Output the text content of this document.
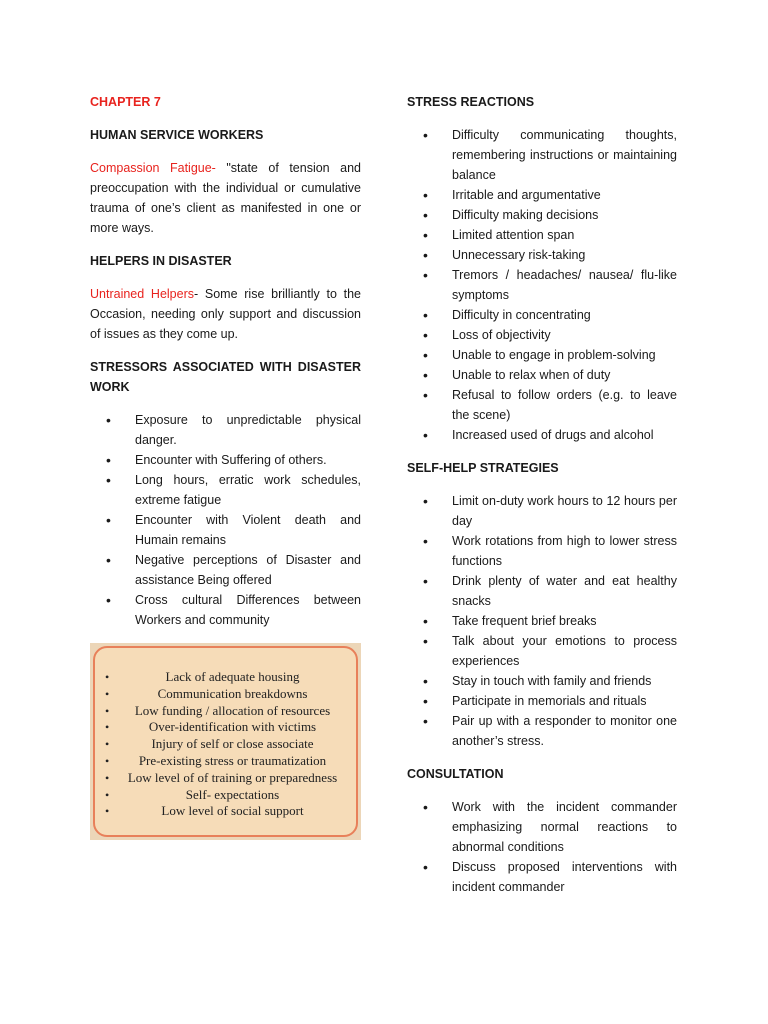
CHAPTER 7
HUMAN SERVICE WORKERS

Compassion Fatigue- "state of tension and preoccupation with the individual or cumulative trauma of one’s client as manifested in one or more ways.

HELPERS IN DISASTER

Untrained Helpers- Some rise brilliantly to the Occasion, needing only support and discussion of issues as they come up.

STRESSORS ASSOCIATED WITH DISASTER WORK
• Exposure to unpredictable physical danger.
• Encounter with Suffering of others.
• Long hours, erratic work schedules, extreme fatigue
• Encounter with Violent death and Humain remains
• Negative perceptions of Disaster and assistance Being offered
• Cross cultural Differences between Workers and community
• Lack of adequate housing
• Communication breakdowns
• Low funding / allocation of resources
• Over-identification with victims
• Injury of self or close associate
• Pre-existing stress or traumatization
• Low level of of training or preparedness
• Self- expectations
• Low level of social support
STRESS REACTIONS
• Difficulty communicating thoughts, remembering instructions or maintaining balance
• Irritable and argumentative
• Difficulty making decisions
• Limited attention span
• Unnecessary risk-taking
• Tremors / headaches/ nausea/ flu-like symptoms
• Difficulty in concentrating
• Loss of objectivity
• Unable to engage in problem-solving
• Unable to relax when of duty
• Refusal to follow orders (e.g. to leave the scene)
• Increased used of drugs and alcohol
SELF-HELP STRATEGIES
• Limit on-duty work hours to 12 hours per day
• Work rotations from high to lower stress functions
• Drink plenty of water and eat healthy snacks
• Take frequent brief breaks
• Talk about your emotions to process experiences
• Stay in touch with family and friends
• Participate in memorials and rituals
• Pair up with a responder to monitor one another’s stress.
CONSULTATION
• Work with the incident commander emphasizing normal reactions to abnormal conditions
• Discuss proposed interventions with incident commander
